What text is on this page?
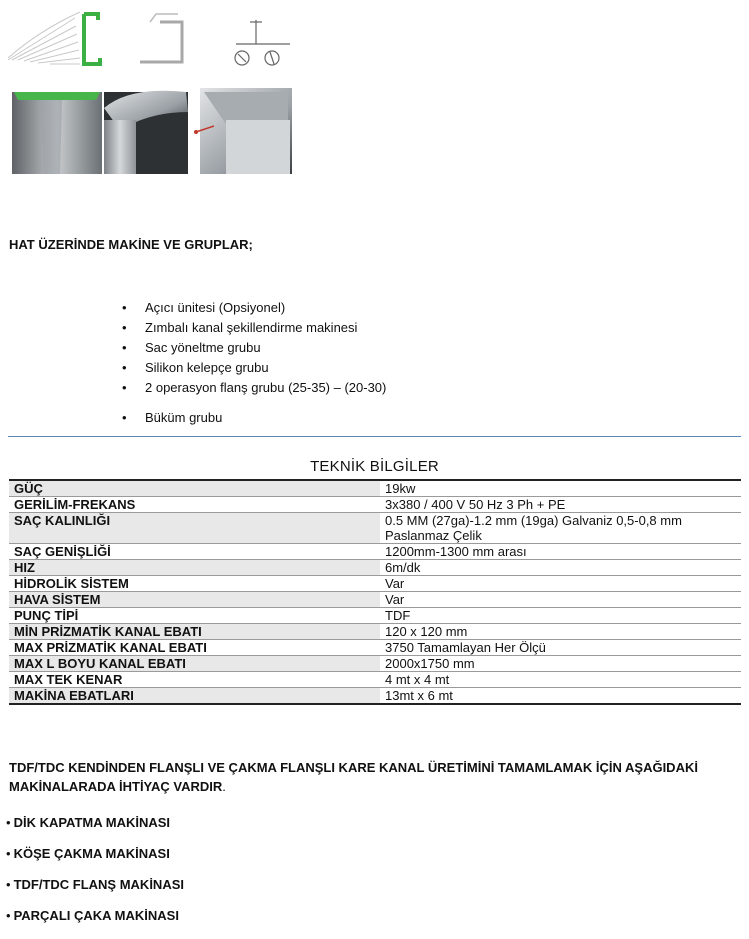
HAT ÜZERİNDE MAKİNE VE GRUPLAR;
• Açıcı ünitesi (Opsiyonel)
• Zımbalı kanal şekillendirme makinesi
• Sac yöneltme grubu
• Silikon kelepçe grubu
• 2 operasyon flanş grubu (25-35) – (20-30)
• Büküm grubu
TEKNİK BİLGİLER
GÜÇ	19kw
GERİLİM-FREKANS	3x380 / 400 V 50 Hz 3 Ph + PE
SAÇ KALINLIĞI	0.5 MM (27ga)-1.2 mm (19ga) Galvaniz 0,5-0,8 mm Paslanmaz Çelik
SAÇ GENİŞLİĞİ	1200mm-1300 mm arası
HIZ	6m/dk
HİDROLİK SİSTEM	Var
HAVA SİSTEM	Var
PUNÇ TİPİ	TDF
MİN PRİZMATİK KANAL EBATI	120 x 120 mm
MAX PRİZMATİK KANAL EBATI	3750 Tamamlayan Her Ölçü
MAX L BOYU KANAL EBATI	2000x1750 mm
MAX TEK KENAR	4 mt x 4 mt
MAKİNA EBATLARI	13mt x 6 mt
TDF/TDC KENDİNDEN FLANŞLI VE ÇAKMA FLANŞLI KARE KANAL ÜRETİMİNİ TAMAMLAMAK İÇİN AŞAĞIDAKİ MAKİNALARADA İHTİYAÇ VARDIR.
• DİK KAPATMA MAKİNASI
• KÖŞE ÇAKMA MAKİNASI
• TDF/TDC FLANŞ MAKİNASI
• PARÇALI ÇAKA MAKİNASI
